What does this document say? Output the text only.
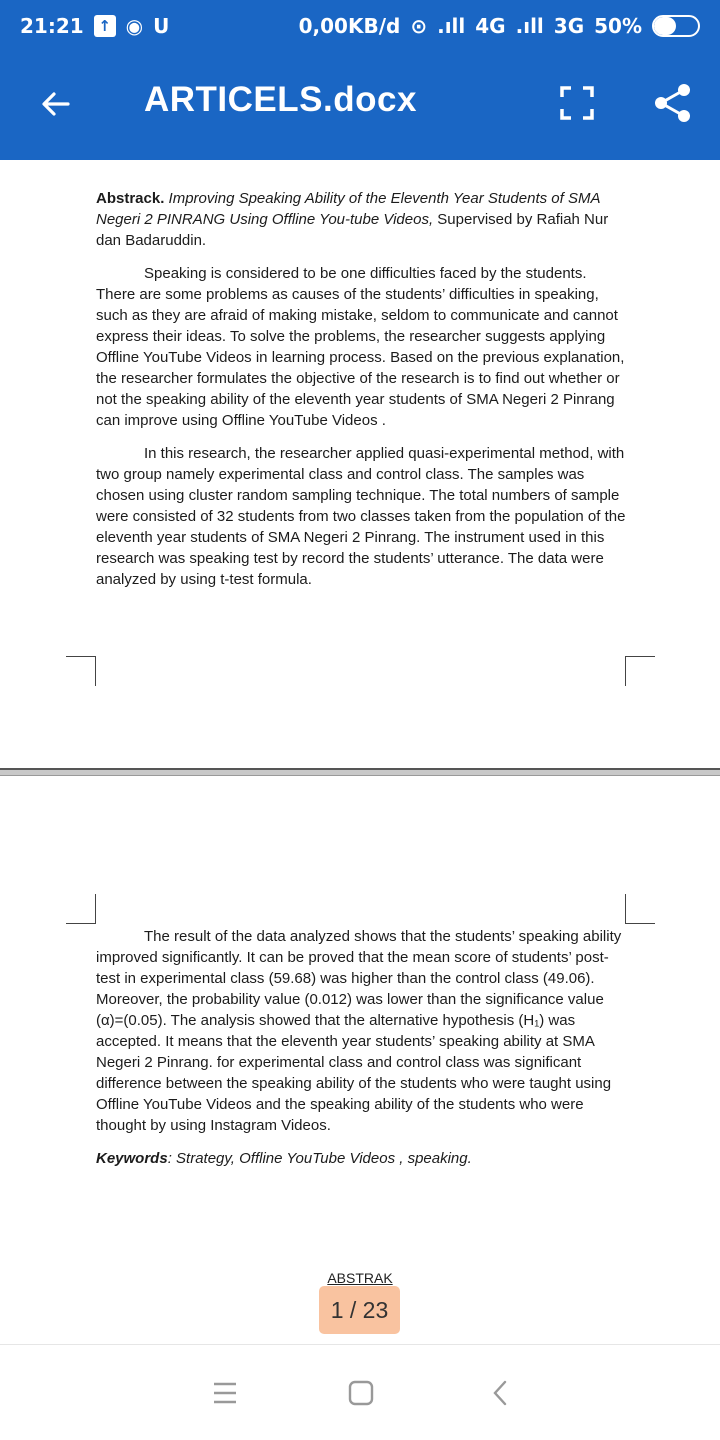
21:21 ↑ ◉ U	0,00KB/d ⊙ .ıll 4G .ıll 3G 50%
ARTICELS.docx

Abstrack. Improving Speaking Ability of the Eleventh Year Students of SMA Negeri 2 PINRANG Using Offline You-tube Videos, Supervised by Rafiah Nur dan Badaruddin.

Speaking is considered to be one difficulties faced by the students. There are some problems as causes of the students’ difficulties in speaking, such as they are afraid of making mistake, seldom to communicate and cannot express their ideas. To solve the problems, the researcher suggests applying Offline YouTube Videos in learning process. Based on the previous explanation, the researcher formulates the objective of the research is to find out whether or not the speaking ability of the eleventh year students of SMA Negeri 2 Pinrang can improve using Offline YouTube Videos .

In this research, the researcher applied quasi-experimental method, with two group namely experimental class and control class. The samples was chosen using cluster random sampling technique. The total numbers of sample were consisted of 32 students from two classes taken from the population of the eleventh year students of SMA Negeri 2 Pinrang. The instrument used in this research was speaking test by record the students’ utterance. The data were analyzed by using t-test formula.

The result of the data analyzed shows that the students’ speaking ability improved significantly. It can be proved that the mean score of students’ post-test in experimental class (59.68) was higher than the control class (49.06). Moreover, the probability value (0.012) was lower than the significance value (α)=(0.05). The analysis showed that the alternative hypothesis (H₁) was accepted. It means that the eleventh year students’ speaking ability at SMA Negeri 2 Pinrang. for experimental class and control class was significant difference between the speaking ability of the students who were taught using Offline YouTube Videos and the speaking ability of the students who were thought by using Instagram Videos.

Keywords: Strategy, Offline YouTube Videos , speaking.

ABSTRAK
1 / 23
